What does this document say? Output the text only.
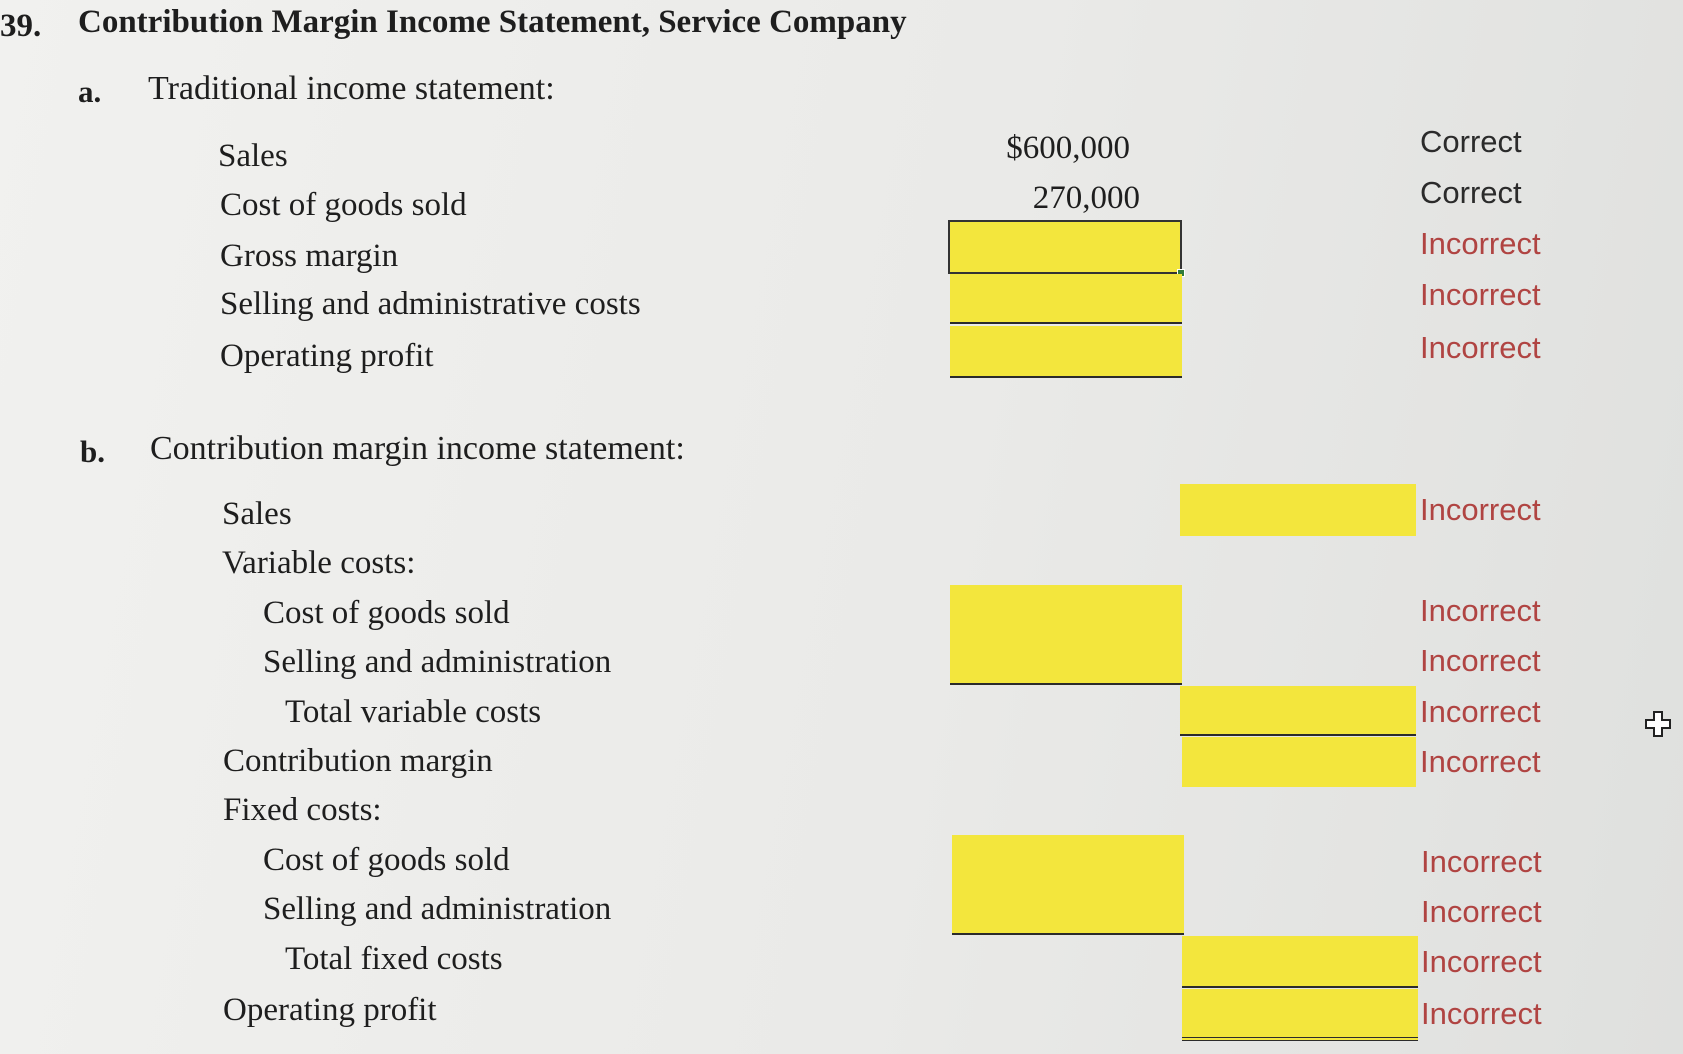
39. Contribution Margin Income Statement, Service Company
a. Traditional income statement:
Sales
Cost of goods sold
Gross margin
Selling and administrative costs
Operating profit
$600,000
270,000
Correct
Correct
Incorrect
Incorrect
Incorrect
b. Contribution margin income statement:
Sales
Variable costs:
Cost of goods sold
Selling and administration
Total variable costs
Contribution margin
Fixed costs:
Cost of goods sold
Selling and administration
Total fixed costs
Operating profit
Incorrect
Incorrect
Incorrect
Incorrect
Incorrect
Incorrect
Incorrect
Incorrect
Incorrect
